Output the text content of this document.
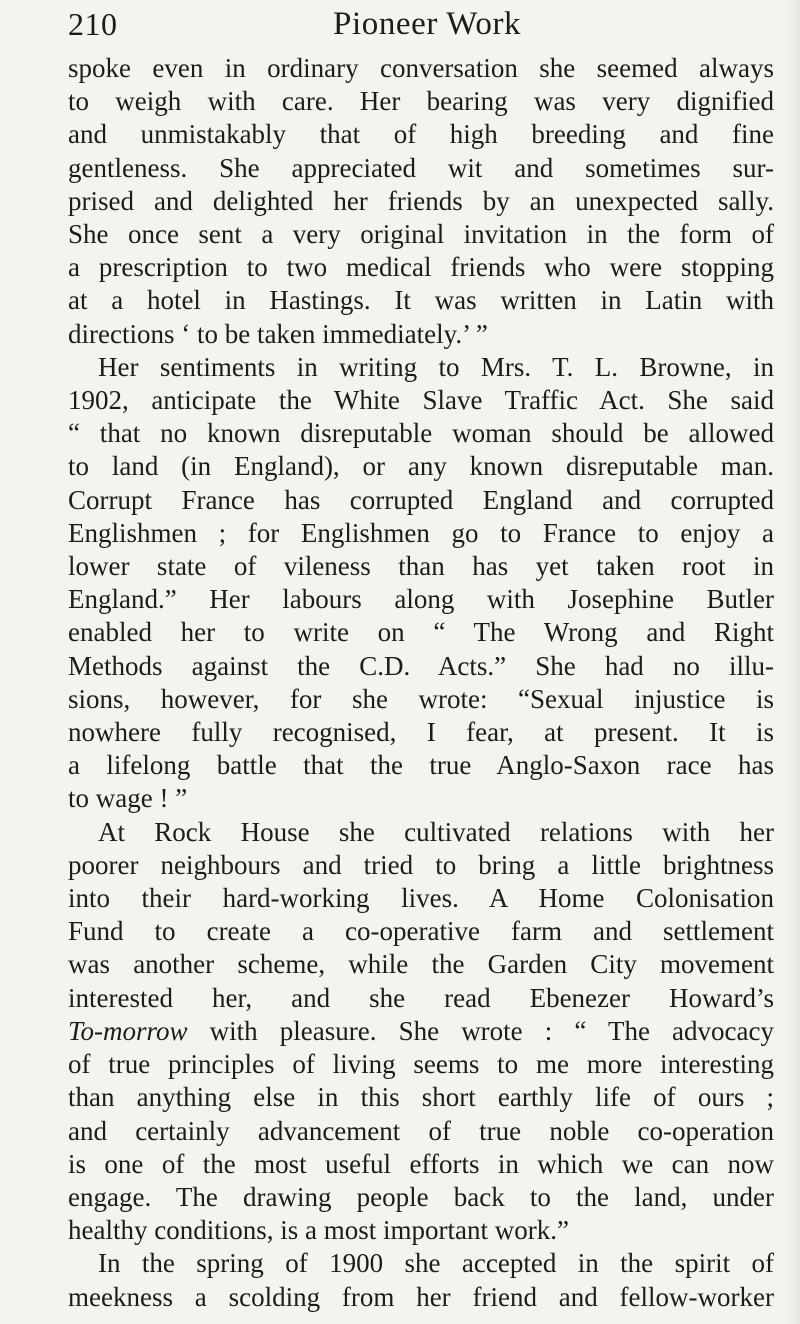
210	Pioneer Work
spoke even in ordinary conversation she seemed always
to weigh with care. Her bearing was very dignified
and unmistakably that of high breeding and fine
gentleness. She appreciated wit and sometimes sur-
prised and delighted her friends by an unexpected sally.
She once sent a very original invitation in the form of
a prescription to two medical friends who were stopping
at a hotel in Hastings. It was written in Latin with
directions ‘ to be taken immediately.’ ”
Her sentiments in writing to Mrs. T. L. Browne, in
1902, anticipate the White Slave Traffic Act. She said
“ that no known disreputable woman should be allowed
to land (in England), or any known disreputable man.
Corrupt France has corrupted England and corrupted
Englishmen ; for Englishmen go to France to enjoy a
lower state of vileness than has yet taken root in
England.” Her labours along with Josephine Butler
enabled her to write on “ The Wrong and Right
Methods against the C.D. Acts.” She had no illu-
sions, however, for she wrote: “Sexual injustice is
nowhere fully recognised, I fear, at present. It is
a lifelong battle that the true Anglo-Saxon race has
to wage ! ”
At Rock House she cultivated relations with her
poorer neighbours and tried to bring a little brightness
into their hard-working lives. A Home Colonisation
Fund to create a co-operative farm and settlement
was another scheme, while the Garden City movement
interested her, and she read Ebenezer Howard’s
To-morrow with pleasure. She wrote : “ The advocacy
of true principles of living seems to me more interesting
than anything else in this short earthly life of ours ;
and certainly advancement of true noble co-operation
is one of the most useful efforts in which we can now
engage. The drawing people back to the land, under
healthy conditions, is a most important work.”
In the spring of 1900 she accepted in the spirit of
meekness a scolding from her friend and fellow-worker
